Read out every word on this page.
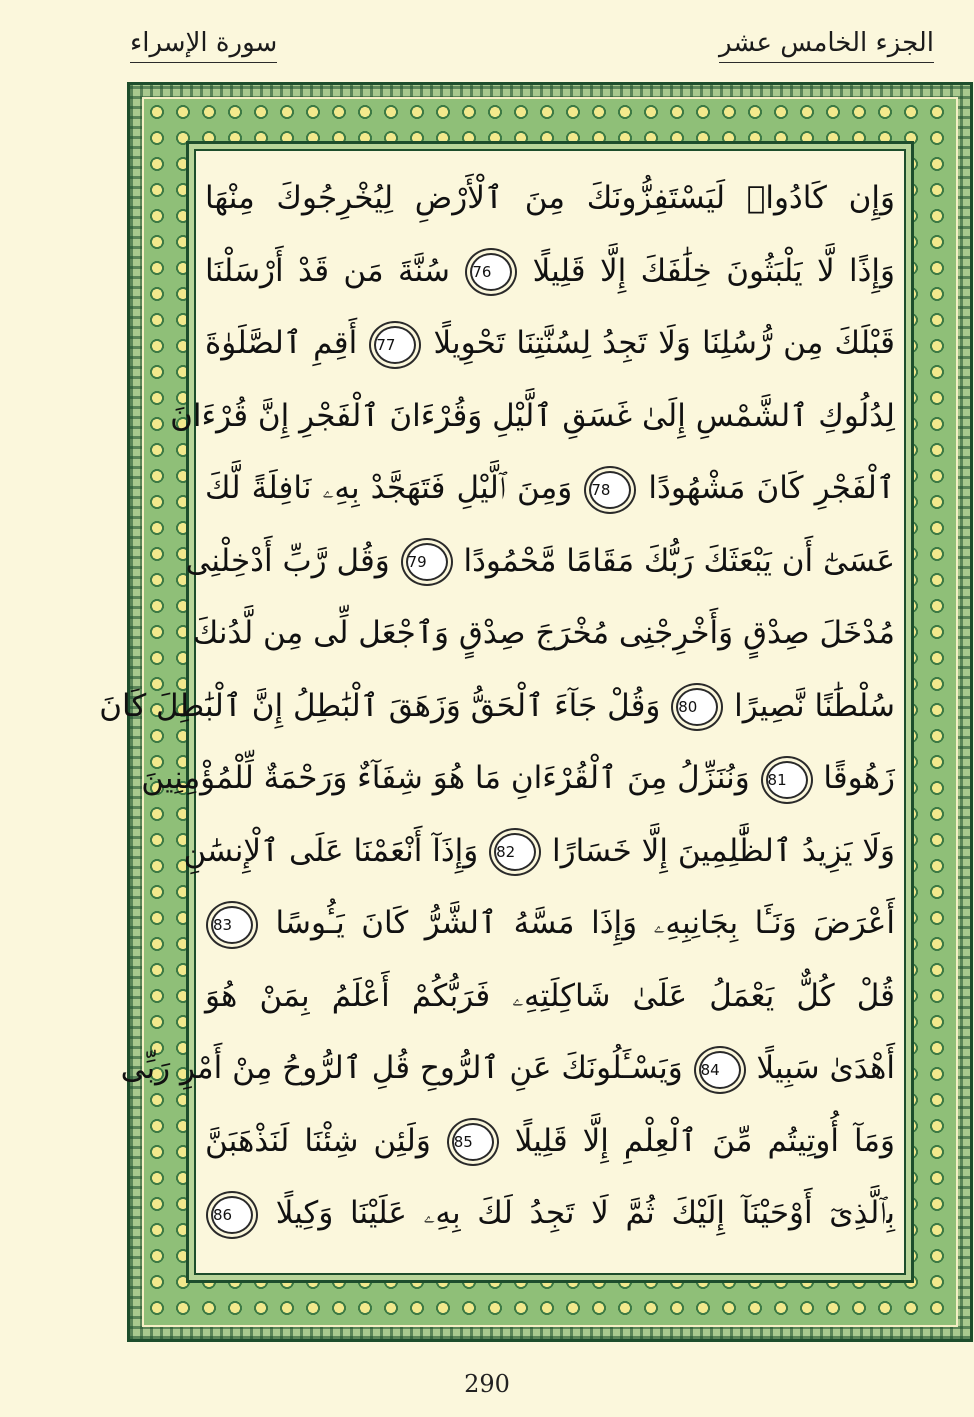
سورة الإسراء	الجزء الخامس عشر
وَإِن كَادُوا۟ لَيَسْتَفِزُّونَكَ مِنَ ٱلْأَرْضِ لِيُخْرِجُوكَ مِنْهَا
وَإِذًا لَّا يَلْبَثُونَ خِلَٰفَكَ إِلَّا قَلِيلًا 76 سُنَّةَ مَن قَدْ أَرْسَلْنَا
قَبْلَكَ مِن رُّسُلِنَا وَلَا تَجِدُ لِسُنَّتِنَا تَحْوِيلًا 77 أَقِمِ ٱلصَّلَوٰةَ
لِدُلُوكِ ٱلشَّمْسِ إِلَىٰ غَسَقِ ٱلَّيْلِ وَقُرْءَانَ ٱلْفَجْرِ إِنَّ قُرْءَانَ
ٱلْفَجْرِ كَانَ مَشْهُودًا 78 وَمِنَ ٱلَّيْلِ فَتَهَجَّدْ بِهِۦ نَافِلَةً لَّكَ
عَسَىٰٓ أَن يَبْعَثَكَ رَبُّكَ مَقَامًا مَّحْمُودًا 79 وَقُل رَّبِّ أَدْخِلْنِى
مُدْخَلَ صِدْقٍ وَأَخْرِجْنِى مُخْرَجَ صِدْقٍ وَٱجْعَل لِّى مِن لَّدُنكَ
سُلْطَٰنًا نَّصِيرًا 80 وَقُلْ جَآءَ ٱلْحَقُّ وَزَهَقَ ٱلْبَٰطِلُ إِنَّ ٱلْبَٰطِلَ كَانَ
زَهُوقًا 81 وَنُنَزِّلُ مِنَ ٱلْقُرْءَانِ مَا هُوَ شِفَآءٌ وَرَحْمَةٌ لِّلْمُؤْمِنِينَ
وَلَا يَزِيدُ ٱلظَّٰلِمِينَ إِلَّا خَسَارًا 82 وَإِذَآ أَنْعَمْنَا عَلَى ٱلْإِنسَٰنِ
أَعْرَضَ وَنَـَٔا بِجَانِبِهِۦ وَإِذَا مَسَّهُ ٱلشَّرُّ كَانَ يَـُٔوسًا 83
قُلْ كُلٌّ يَعْمَلُ عَلَىٰ شَاكِلَتِهِۦ فَرَبُّكُمْ أَعْلَمُ بِمَنْ هُوَ
أَهْدَىٰ سَبِيلًا 84 وَيَسْـَٔلُونَكَ عَنِ ٱلرُّوحِ قُلِ ٱلرُّوحُ مِنْ أَمْرِ رَبِّى
وَمَآ أُوتِيتُم مِّنَ ٱلْعِلْمِ إِلَّا قَلِيلًا 85 وَلَئِن شِئْنَا لَنَذْهَبَنَّ
بِٱلَّذِىٓ أَوْحَيْنَآ إِلَيْكَ ثُمَّ لَا تَجِدُ لَكَ بِهِۦ عَلَيْنَا وَكِيلًا 86
290
